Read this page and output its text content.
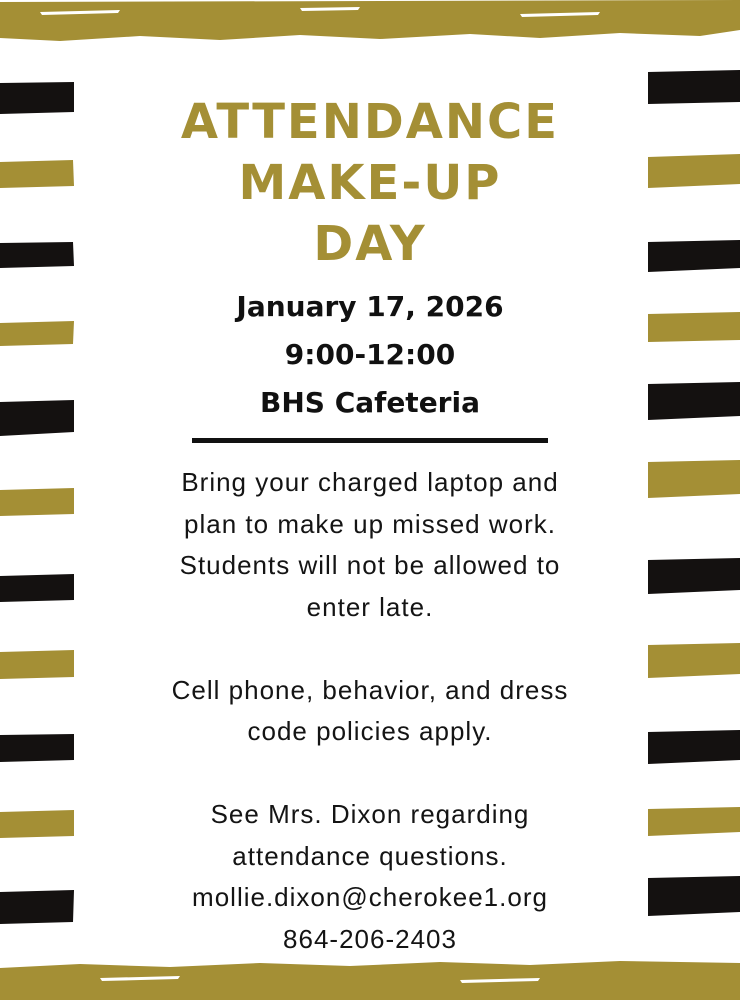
ATTENDANCE
MAKE-UP
DAY
January 17, 2026
9:00-12:00
BHS Cafeteria
Bring your charged laptop and
plan to make up missed work.
Students will not be allowed to
enter late.
Cell phone, behavior, and dress
code policies apply.
See Mrs. Dixon regarding
attendance questions.
mollie.dixon@cherokee1.org
864-206-2403
